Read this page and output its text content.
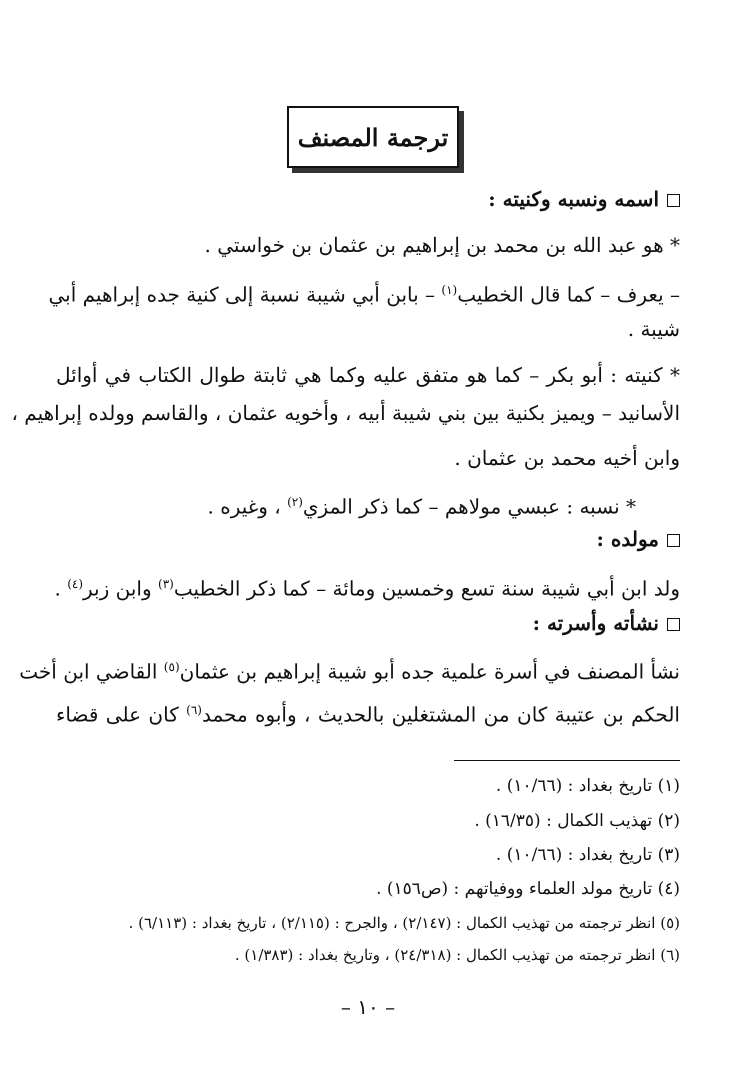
ترجمة المصنف
اسمه ونسبه وكنيته :
* هو عبد الله بن محمد بن إبراهيم بن عثمان بن خواستي .
– يعرف – كما قال الخطيب$^{(١)}$ – بابن أبي شيبة نسبة إلى كنية جده إبراهيم أبي
شيبة .
* كنيته : أبو بكر – كما هو متفق عليه وكما هي ثابتة طوال الكتاب في أوائل
الأسانيد – ويميز بكنية بين بني شيبة أبيه ، وأخويه عثمان ، والقاسم وولده إبراهيم ،
وابن أخيه محمد بن عثمان .
* نسبه : عبسي مولاهم – كما ذكر المزي$^{(٢)}$ ، وغيره .
مولده :
ولد ابن أبي شيبة سنة تسع وخمسين ومائة – كما ذكر الخطيب$^{(٣)}$ وابن زبر$^{(٤)}$ .
نشأته وأسرته :
نشأ المصنف في أسرة علمية جده أبو شيبة إبراهيم بن عثمان$^{(٥)}$ القاضي ابن أخت
الحكم بن عتيبة كان من المشتغلين بالحديث ، وأبوه محمد$^{(٦)}$ كان على قضاء
(١) تاريخ بغداد : (١٠/٦٦) .
(٢) تهذيب الكمال : (١٦/٣٥) .
(٣) تاريخ بغداد : (١٠/٦٦) .
(٤) تاريخ مولد العلماء ووفياتهم : (ص١٥٦) .
(٥) انظر ترجمته من تهذيب الكمال : (٢/١٤٧) ، والجرح : (٢/١١٥) ، تاريخ بغداد : (٦/١١٣) .
(٦) انظر ترجمته من تهذيب الكمال : (٢٤/٣١٨) ، وتاريخ بغداد : (١/٣٨٣) .
– ١٠ –
